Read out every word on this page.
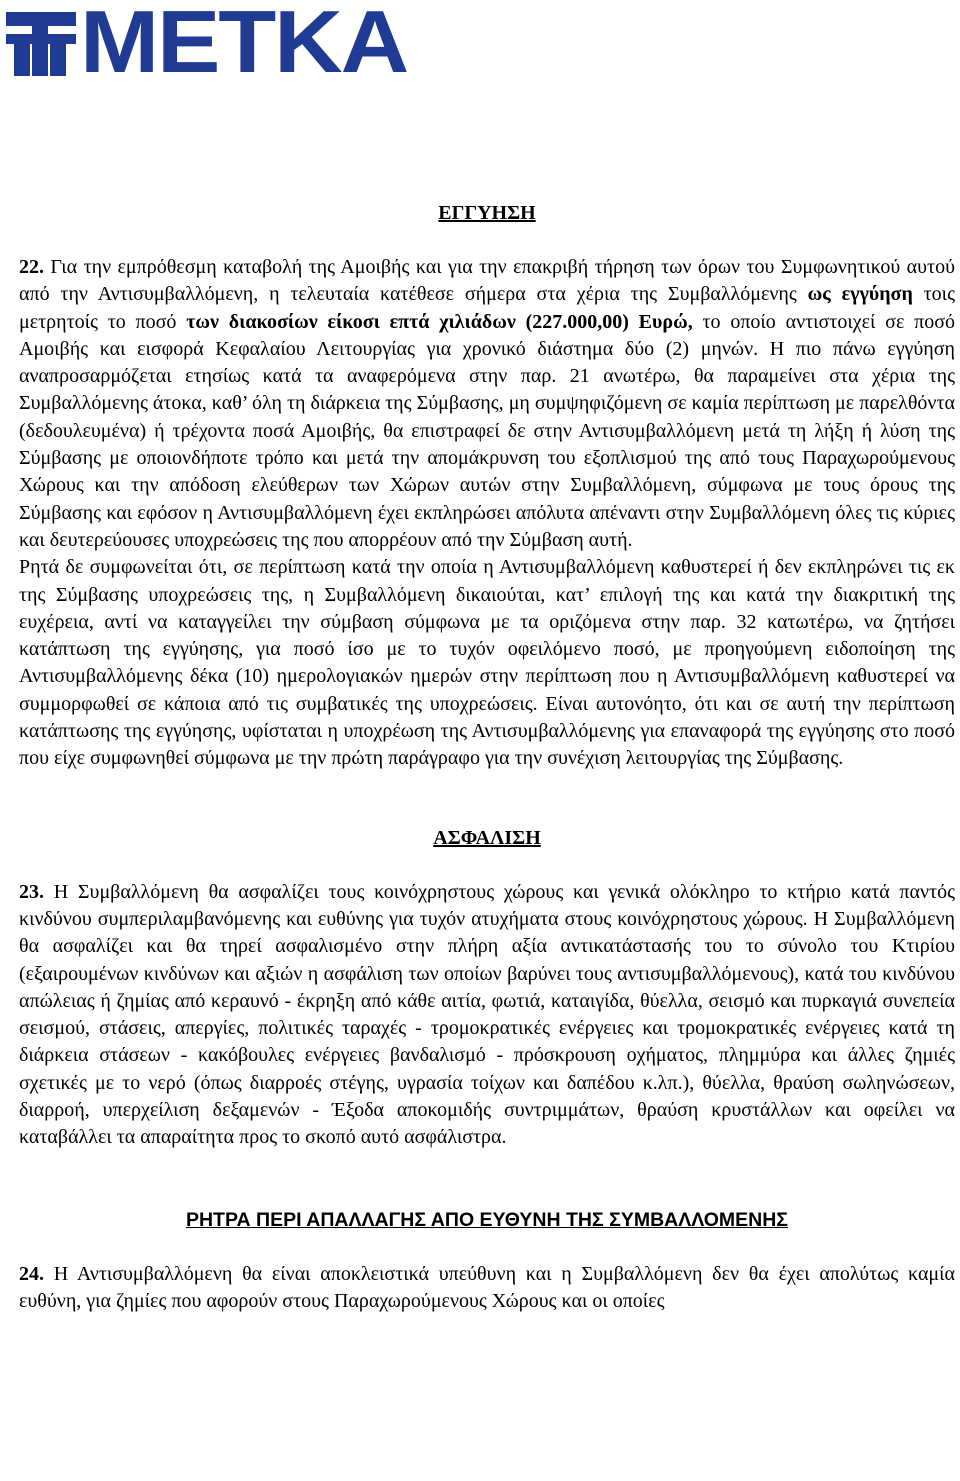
METKA
ΕΓΓΥΗΣΗ

22. Για την εμπρόθεσμη καταβολή της Αμοιβής και για την επακριβή τήρηση των όρων του Συμφωνητικού αυτού από την Αντισυμβαλλόμενη, η τελευταία κατέθεσε σήμερα στα χέρια της Συμβαλλόμενης ως εγγύηση τοις μετρητοίς το ποσό των διακοσίων είκοσι επτά χιλιάδων (227.000,00) Ευρώ, το οποίο αντιστοιχεί σε ποσό Αμοιβής και εισφορά Κεφαλαίου Λειτουργίας για χρονικό διάστημα δύο (2) μηνών. Η πιο πάνω εγγύηση αναπροσαρμόζεται ετησίως κατά τα αναφερόμενα στην παρ. 21 ανωτέρω, θα παραμείνει στα χέρια της Συμβαλλόμενης άτοκα, καθ’ όλη τη διάρκεια της Σύμβασης, μη συμψηφιζόμενη σε καμία περίπτωση με παρελθόντα (δεδουλευμένα) ή τρέχοντα ποσά Αμοιβής, θα επιστραφεί δε στην Αντισυμβαλλόμενη μετά τη λήξη ή λύση της Σύμβασης με οποιονδήποτε τρόπο και μετά την απομάκρυνση του εξοπλισμού της από τους Παραχωρούμενους Χώρους και την απόδοση ελεύθερων των Χώρων αυτών στην Συμβαλλόμενη, σύμφωνα με τους όρους της Σύμβασης και εφόσον η Αντισυμβαλλόμενη έχει εκπληρώσει απόλυτα απέναντι στην Συμβαλλόμενη όλες τις κύριες και δευτερεύουσες υποχρεώσεις της που απορρέουν από την Σύμβαση αυτή.

Ρητά δε συμφωνείται ότι, σε περίπτωση κατά την οποία η Αντισυμβαλλόμενη καθυστερεί ή δεν εκπληρώνει τις εκ της Σύμβασης υποχρεώσεις της, η Συμβαλλόμενη δικαιούται, κατ’ επιλογή της και κατά την διακριτική της ευχέρεια, αντί να καταγγείλει την σύμβαση σύμφωνα με τα οριζόμενα στην παρ. 32 κατωτέρω, να ζητήσει κατάπτωση της εγγύησης, για ποσό ίσο με το τυχόν οφειλόμενο ποσό, με προηγούμενη ειδοποίηση της Αντισυμβαλλόμενης δέκα (10) ημερολογιακών ημερών στην περίπτωση που η Αντισυμβαλλόμενη καθυστερεί να συμμορφωθεί σε κάποια από τις συμβατικές της υποχρεώσεις. Είναι αυτονόητο, ότι και σε αυτή την περίπτωση κατάπτωσης της εγγύησης, υφίσταται η υποχρέωση της Αντισυμβαλλόμενης για επαναφορά της εγγύησης στο ποσό που είχε συμφωνηθεί σύμφωνα με την πρώτη παράγραφο για την συνέχιση λειτουργίας της Σύμβασης.

ΑΣΦΑΛΙΣΗ

23. Η Συμβαλλόμενη θα ασφαλίζει τους κοινόχρηστους χώρους και γενικά ολόκληρο το κτήριο κατά παντός κινδύνου συμπεριλαμβανόμενης και ευθύνης για τυχόν ατυχήματα στους κοινόχρηστους χώρους. Η Συμβαλλόμενη θα ασφαλίζει και θα τηρεί ασφαλισμένο στην πλήρη αξία αντικατάστασής του το σύνολο του Κτιρίου (εξαιρουμένων κινδύνων και αξιών η ασφάλιση των οποίων βαρύνει τους αντισυμβαλλόμενους), κατά του κινδύνου απώλειας ή ζημίας από κεραυνό - έκρηξη από κάθε αιτία, φωτιά, καταιγίδα, θύελλα, σεισμό και πυρκαγιά συνεπεία σεισμού, στάσεις, απεργίες, πολιτικές ταραχές - τρομοκρατικές ενέργειες και τρομοκρατικές ενέργειες κατά τη διάρκεια στάσεων - κακόβουλες ενέργειες βανδαλισμό - πρόσκρουση οχήματος, πλημμύρα και άλλες ζημιές σχετικές με το νερό (όπως διαρροές στέγης, υγρασία τοίχων και δαπέδου κ.λπ.), θύελλα, θραύση σωληνώσεων, διαρροή, υπερχείλιση δεξαμενών - Έξοδα αποκομιδής συντριμμάτων, θραύση κρυστάλλων και οφείλει να καταβάλλει τα απαραίτητα προς το σκοπό αυτό ασφάλιστρα.

ΡΗΤΡΑ ΠΕΡΙ ΑΠΑΛΛΑΓΗΣ ΑΠΟ ΕΥΘΥΝΗ ΤΗΣ ΣΥΜΒΑΛΛΟΜΕΝΗΣ

24. Η Αντισυμβαλλόμενη θα είναι αποκλειστικά υπεύθυνη και η Συμβαλλόμενη δεν θα έχει απολύτως καμία ευθύνη, για ζημίες που αφορούν στους Παραχωρούμενους Χώρους και οι οποίες
